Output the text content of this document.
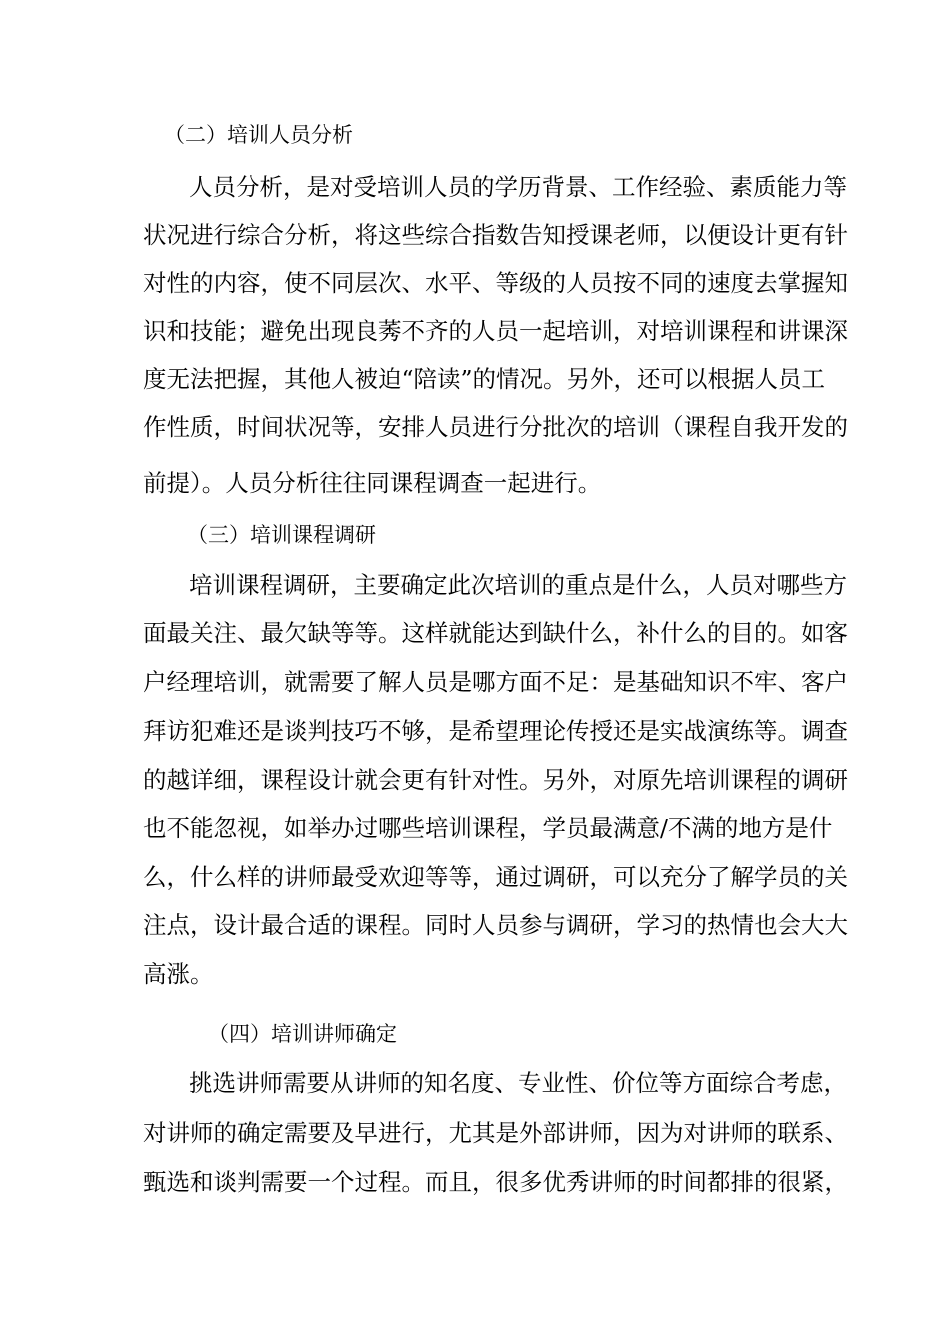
（二）培训人员分析
人员分析，是对受培训人员的学历背景、工作经验、素质能力等
状况进行综合分析，将这些综合指数告知授课老师，以便设计更有针
对性的内容，使不同层次、水平、等级的人员按不同的速度去掌握知
识和技能；避免出现良莠不齐的人员一起培训，对培训课程和讲课深
度无法把握，其他人被迫“陪读”的情况。另外，还可以根据人员工
作性质，时间状况等，安排人员进行分批次的培训（课程自我开发的
前提）。人员分析往往同课程调查一起进行。
（三）培训课程调研
培训课程调研，主要确定此次培训的重点是什么，人员对哪些方
面最关注、最欠缺等等。这样就能达到缺什么，补什么的目的。如客
户经理培训，就需要了解人员是哪方面不足：是基础知识不牢、客户
拜访犯难还是谈判技巧不够，是希望理论传授还是实战演练等。调查
的越详细，课程设计就会更有针对性。另外，对原先培训课程的调研
也不能忽视，如举办过哪些培训课程，学员最满意/不满的地方是什
么，什么样的讲师最受欢迎等等，通过调研，可以充分了解学员的关
注点，设计最合适的课程。同时人员参与调研，学习的热情也会大大
高涨。
（四）培训讲师确定
挑选讲师需要从讲师的知名度、专业性、价位等方面综合考虑，
对讲师的确定需要及早进行，尤其是外部讲师，因为对讲师的联系、
甄选和谈判需要一个过程。而且，很多优秀讲师的时间都排的很紧，
